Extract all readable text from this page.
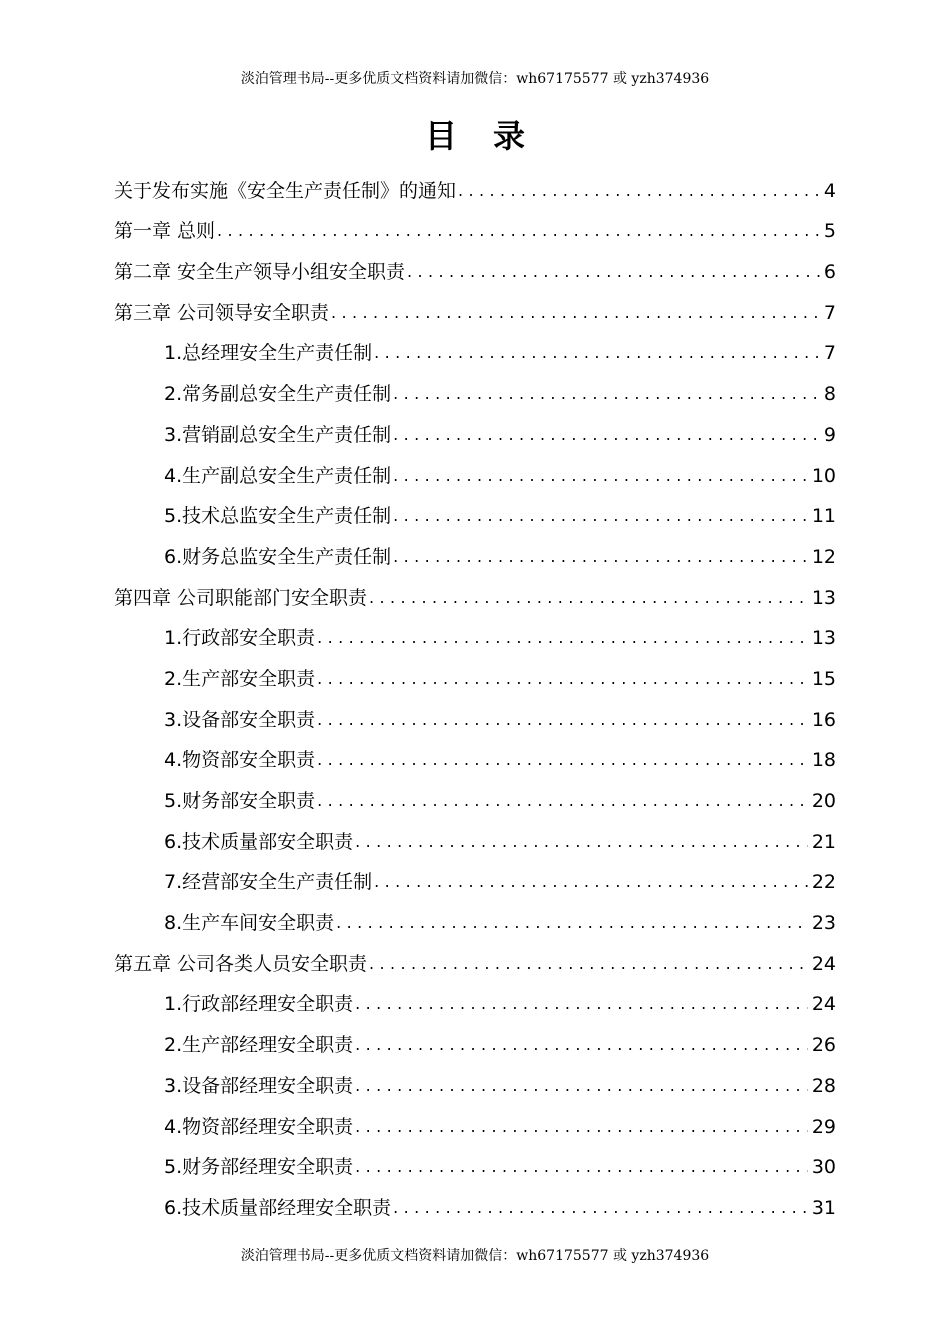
淡泊管理书局--更多优质文档资料请加微信：wh67175577 或 yzh374936
目录
关于发布实施《安全生产责任制》的通知 .....	4
第一章 总则 .....	5
第二章 安全生产领导小组安全职责 .....	6
第三章 公司领导安全职责 .....	7
1.总经理安全生产责任制 .....	7
2.常务副总安全生产责任制 .....	8
3.营销副总安全生产责任制 .....	9
4.生产副总安全生产责任制 .....	10
5.技术总监安全生产责任制 .....	11
6.财务总监安全生产责任制 .....	12
第四章 公司职能部门安全职责 .....	13
1.行政部安全职责 .....	13
2.生产部安全职责 .....	15
3.设备部安全职责 .....	16
4.物资部安全职责 .....	18
5.财务部安全职责 .....	20
6.技术质量部安全职责 .....	21
7.经营部安全生产责任制 .....	22
8.生产车间安全职责 .....	23
第五章 公司各类人员安全职责 .....	24
1.行政部经理安全职责 .....	24
2.生产部经理安全职责 .....	26
3.设备部经理安全职责 .....	28
4.物资部经理安全职责 .....	29
5.财务部经理安全职责 .....	30
6.技术质量部经理安全职责 .....	31
淡泊管理书局--更多优质文档资料请加微信：wh67175577 或 yzh374936
